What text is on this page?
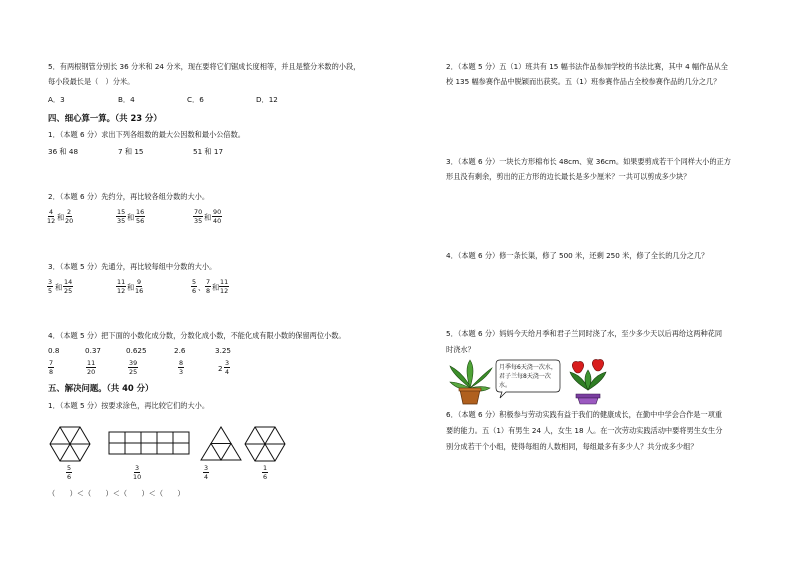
5．有两根钢管分别长 36 分米和 24 分米，现在要将它们锯成长度相等，并且是整分米数的小段，
每小段最长是（　）分米。
A．3	B．4	C．6	D．12
四、细心算一算。（共 23 分）
1．（本题 6 分）求出下列各组数的最大公因数和最小公倍数。
36 和 48	7 和 15	51 和 17
2．（本题 6 分）先约分，再比较各组分数的大小。
$\frac{4}{12}$ 和 $\frac{2}{20}$	$\frac{15}{35}$ 和 $\frac{16}{56}$	$\frac{70}{35}$ 和 $\frac{90}{40}$
3．（本题 5 分）先通分，再比较每组中分数的大小。
$\frac{3}{5}$ 和 $\frac{14}{25}$	$\frac{11}{12}$ 和 $\frac{9}{16}$	$\frac{5}{6}$ 、 $\frac{7}{8}$ 和 $\frac{11}{12}$
4．（本题 5 分）把下面的小数化成分数，分数化成小数，不能化成有限小数的保留两位小数。
0.8	0.37	0.625	2.6	3.25
$\frac{7}{8}$	$\frac{11}{20}$	$\frac{39}{25}$	$\frac{8}{3}$	$2 \frac{3}{4}$
五、解决问题。（共 40 分）
1．（本题 5 分）按要求涂色，再比较它们的大小。
$\frac{5}{6}$	$\frac{3}{10}$	$\frac{3}{4}$	$\frac{1}{6}$
（　　）＜（　　）＜（　　）＜（　　）
2．（本题 5 分）五（1）班共有 15 幅书法作品参加学校的书法比赛，其中 4 幅作品从全
校 135 幅参赛作品中脱颖而出获奖。五（1）班参赛作品占全校参赛作品的几分之几？
3．（本题 6 分）一块长方形棉布长 48cm、宽 36cm。如果要剪成若干个同样大小的正方
形且没有剩余，剪出的正方形的边长最长是多少厘米？一共可以剪成多少块？
4．（本题 6 分）修一条长渠，修了 500 米，还剩 250 米，修了全长的几分之几？
5．（本题 6 分）妈妈今天给月季和君子兰同时浇了水，至少多少天以后再给这两种花同
时浇水？
月季每6天浇一次水，
君子兰每8天浇一次
水。
6．（本题 6 分）积极参与劳动实践有益于我们的健康成长，在勤中中学会合作是一项重
要的能力。五（1）有男生 24 人，女生 18 人。在一次劳动实践活动中要将男生女生分
别分成若干个小组，使得每组的人数相同，每组最多有多少人？共分成多少组？
